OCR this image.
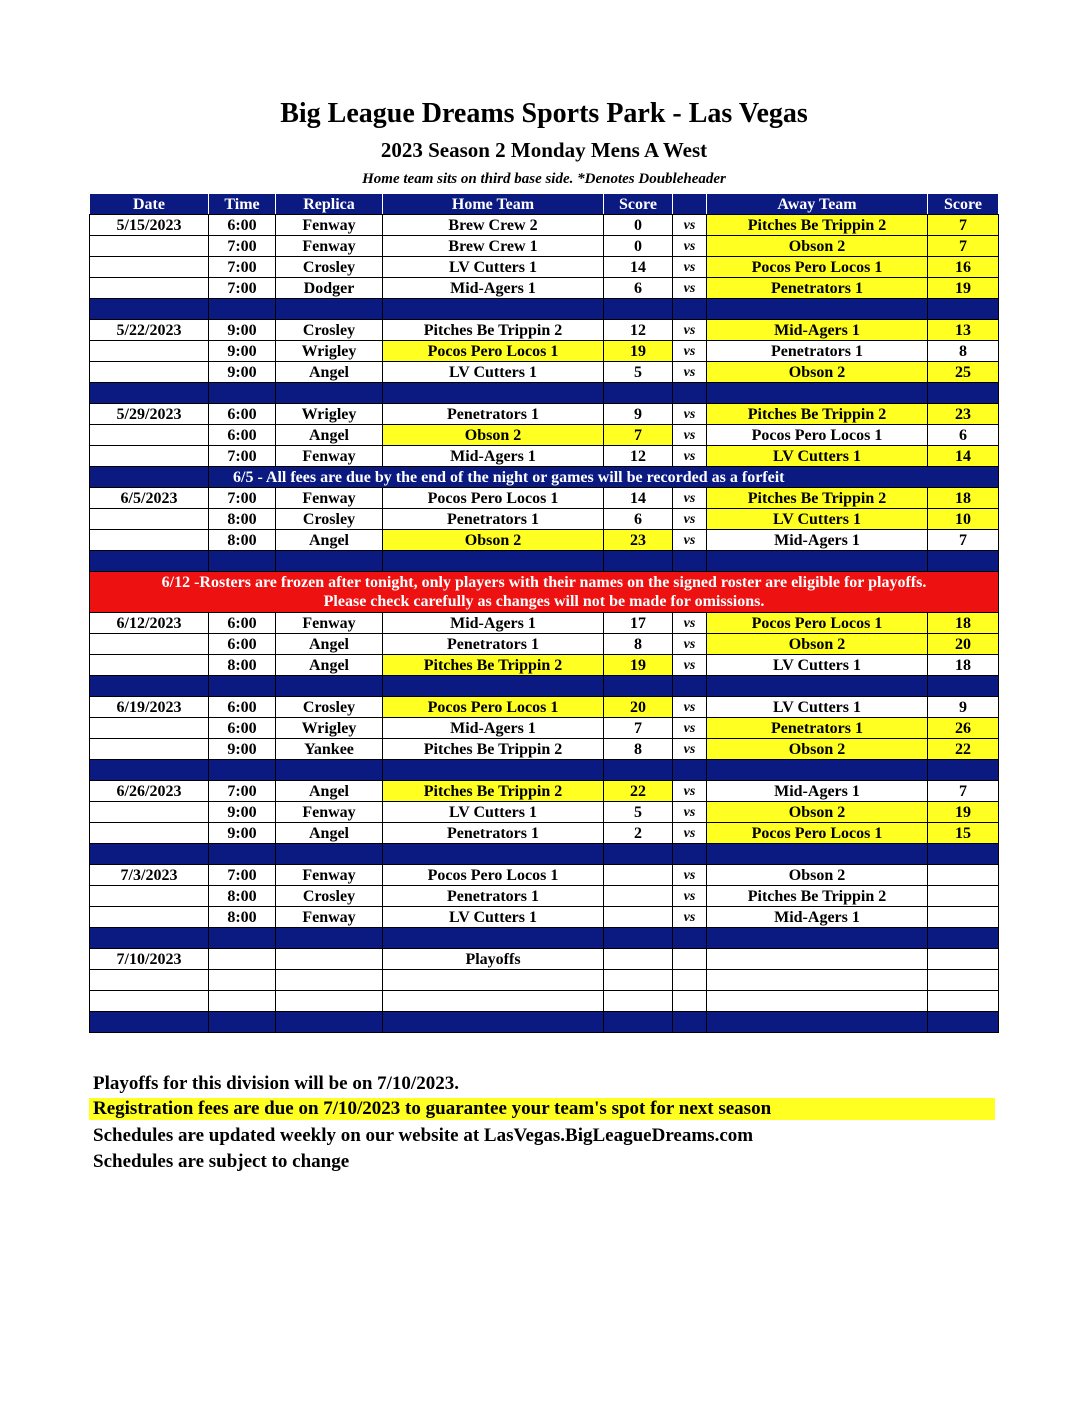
Big League Dreams Sports Park - Las Vegas
2023 Season 2 Monday Mens A West
Home team sits on third base side. *Denotes Doubleheader
Date	Time	Replica	Home Team	Score		Away Team	Score
5/15/2023	6:00	Fenway	Brew Crew 2	0	vs	Pitches Be Trippin 2	7
	7:00	Fenway	Brew Crew 1	0	vs	Obson 2	7
	7:00	Crosley	LV Cutters 1	14	vs	Pocos Pero Locos 1	16
	7:00	Dodger	Mid-Agers 1	6	vs	Penetrators 1	19

5/22/2023	9:00	Crosley	Pitches Be Trippin 2	12	vs	Mid-Agers 1	13
	9:00	Wrigley	Pocos Pero Locos 1	19	vs	Penetrators 1	8
	9:00	Angel	LV Cutters 1	5	vs	Obson 2	25

5/29/2023	6:00	Wrigley	Penetrators 1	9	vs	Pitches Be Trippin 2	23
	6:00	Angel	Obson 2	7	vs	Pocos Pero Locos 1	6
	7:00	Fenway	Mid-Agers 1	12	vs	LV Cutters 1	14
	6/5 - All fees are due by the end of the night or games will be recorded as a forfeit						
6/5/2023	7:00	Fenway	Pocos Pero Locos 1	14	vs	Pitches Be Trippin 2	18
	8:00	Crosley	Penetrators 1	6	vs	LV Cutters 1	10
	8:00	Angel	Obson 2	23	vs	Mid-Agers 1	7

6/12 -Rosters are frozen after tonight, only players with their names on the signed roster are eligible for playoffs.
Please check carefully as changes will not be made for omissions.							

6/12/2023	6:00	Fenway	Mid-Agers 1	17	vs	Pocos Pero Locos 1	18
	6:00	Angel	Penetrators 1	8	vs	Obson 2	20
	8:00	Angel	Pitches Be Trippin 2	19	vs	LV Cutters 1	18

6/19/2023	6:00	Crosley	Pocos Pero Locos 1	20	vs	LV Cutters 1	9
	6:00	Wrigley	Mid-Agers 1	7	vs	Penetrators 1	26
	9:00	Yankee	Pitches Be Trippin 2	8	vs	Obson 2	22

6/26/2023	7:00	Angel	Pitches Be Trippin 2	22	vs	Mid-Agers 1	7
	9:00	Fenway	LV Cutters 1	5	vs	Obson 2	19
	9:00	Angel	Penetrators 1	2	vs	Pocos Pero Locos 1	15

7/3/2023	7:00	Fenway	Pocos Pero Locos 1		vs	Obson 2	
	8:00	Crosley	Penetrators 1		vs	Pitches Be Trippin 2	
	8:00	Fenway	LV Cutters 1		vs	Mid-Agers 1	

7/10/2023			Playoffs				

Playoffs for this division will be on 7/10/2023.
Registration fees are due on 7/10/2023 to guarantee your team's spot for next season
Schedules are updated weekly on our website at LasVegas.BigLeagueDreams.com
Schedules are subject to change
